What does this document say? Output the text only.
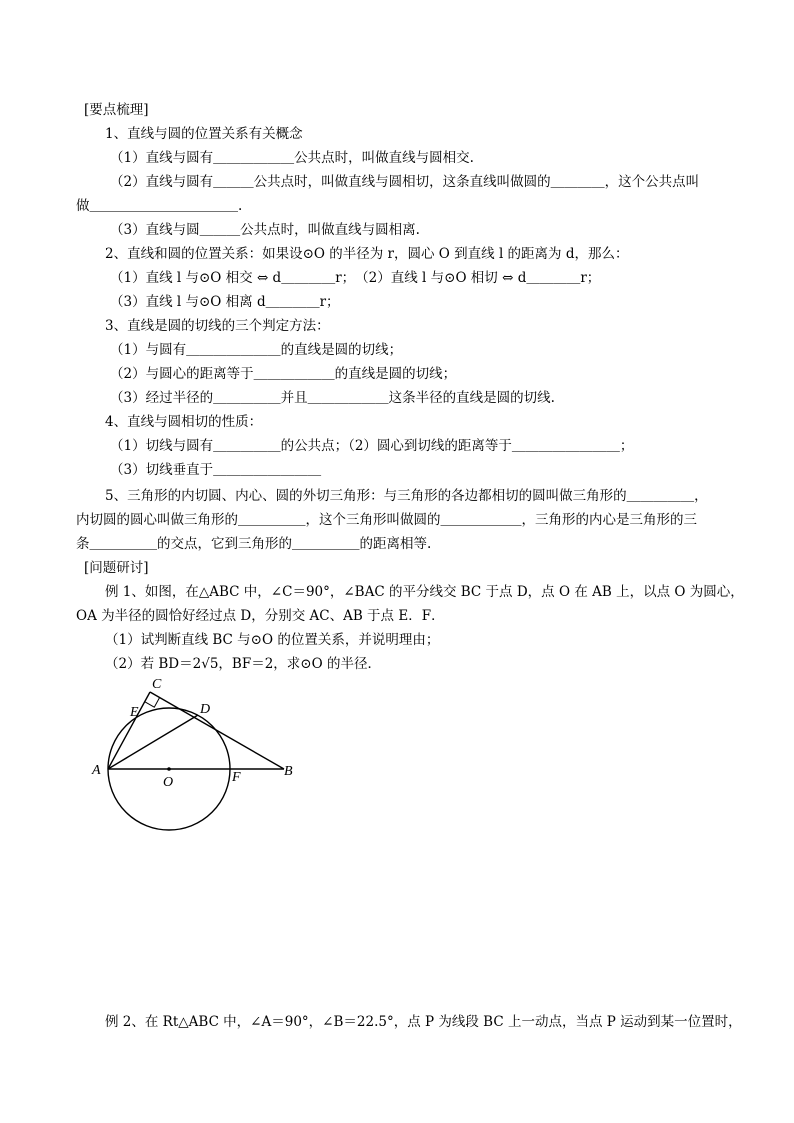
[要点梳理]
1、直线与圆的位置关系有关概念
（1）直线与圆有＿＿＿＿＿＿公共点时，叫做直线与圆相交.
（2）直线与圆有＿＿＿公共点时，叫做直线与圆相切，这条直线叫做圆的＿＿＿＿，这个公共点叫
做＿＿＿＿＿＿＿＿＿＿＿.
（3）直线与圆＿＿＿公共点时，叫做直线与圆相离.
2、直线和圆的位置关系：如果设⊙O 的半径为 r，圆心 O 到直线 l 的距离为 d，那么：
（1）直线 l 与⊙O 相交 ⇔ d＿＿＿＿r；　（2）直线 l 与⊙O 相切 ⇔ d＿＿＿＿r；
（3）直线 l 与⊙O 相离 d＿＿＿＿r；
3、直线是圆的切线的三个判定方法：
（1）与圆有＿＿＿＿＿＿＿的直线是圆的切线；
（2）与圆心的距离等于＿＿＿＿＿＿的直线是圆的切线；
（3）经过半径的＿＿＿＿＿并且＿＿＿＿＿＿这条半径的直线是圆的切线.
4、直线与圆相切的性质：
（1）切线与圆有＿＿＿＿＿的公共点；（2）圆心到切线的距离等于＿＿＿＿＿＿＿＿；
（3）切线垂直于＿＿＿＿＿＿＿＿
5、三角形的内切圆、内心、圆的外切三角形：与三角形的各边都相切的圆叫做三角形的＿＿＿＿＿，
内切圆的圆心叫做三角形的＿＿＿＿＿，这个三角形叫做圆的＿＿＿＿＿＿，三角形的内心是三角形的三
条＿＿＿＿＿的交点，它到三角形的＿＿＿＿＿的距离相等.
[问题研讨]
例 1、如图，在△ABC 中，∠C＝90°，∠BAC 的平分线交 BC 于点 D，点 O 在 AB 上，以点 O 为圆心，
OA 为半径的圆恰好经过点 D，分别交 AC、AB 于点 E．F．
（1）试判断直线 BC 与⊙O 的位置关系，并说明理由；
（2）若 BD＝2√5，BF＝2，求⊙O 的半径．
C
E	D
A
O	F	B
例 2、在 Rt△ABC 中，∠A＝90°，∠B＝22.5°，点 P 为线段 BC 上一动点，当点 P 运动到某一位置时，
